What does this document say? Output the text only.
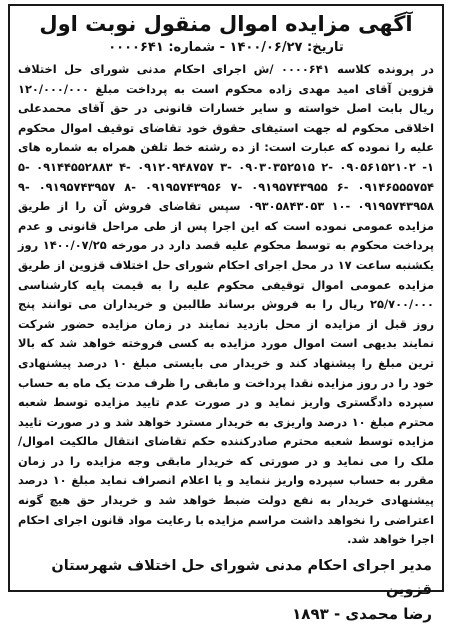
آگهی مزایده اموال منقول نوبت اول

تاریخ: ۱۴۰۰/۰۶/۲۷ - شماره: ۰۰۰۰۶۴۱

در پرونده کلاسه ۰۰۰۰۶۴۱ /ش اجرای احکام مدنی شورای حل اختلاف قزوین آقای امید مهدی زاده محکوم است به پرداخت مبلغ ۱۲۰/۰۰۰/۰۰۰ ریال بابت اصل خواسته و سایر خسارات قانونی در حق آقای محمدعلی اخلاقی محکوم له جهت استیفای حقوق خود تقاضای توقیف اموال محکوم علیه را نموده که عبارت است: از ده رشته خط تلفن همراه به شماره های ۱- ۰۹۰۵۶۱۵۲۱۰۲ -۲ ۰۹۰۳۰۳۵۲۵۱۵ -۳ ۰۹۱۲۰۹۴۸۷۵۷ -۴ ۰۹۱۴۴۵۵۲۸۸۳ -۵ ۰۹۱۴۶۵۵۵۷۵۴ -۶ ۰۹۱۹۵۷۴۳۹۵۵ -۷ ۰۹۱۹۵۷۴۳۹۵۶ -۸ ۰۹۱۹۵۷۴۳۹۵۷ -۹ ۰۹۱۹۵۷۴۳۹۵۸ -۱۰ ۰۹۳۰۵۸۴۳۰۵۳ سپس تقاضای فروش آن را از طریق مزایده عمومی نموده است که این اجرا پس از طی مراحل قانونی و عدم پرداخت محکوم به توسط محکوم علیه قصد دارد در مورخه ۱۴۰۰/۰۷/۲۵ روز یکشنبه ساعت ۱۷ در محل اجرای احکام شورای حل اختلاف قزوین از طریق مزایده عمومی اموال توقیفی محکوم علیه را به قیمت پایه کارشناسی ۲۵/۷۰۰/۰۰۰ ریال را به فروش برساند طالبین و خریداران می توانند پنج روز قبل از مزایده از محل بازدید نمایند در زمان مزایده حضور شرکت نمایند بدیهی است اموال مورد مزایده به کسی فروخته خواهد شد که بالا ترین مبلغ را پیشنهاد کند و خریدار می بایستی مبلغ ۱۰ درصد پیشنهادی خود را در روز مزایده نقدا پرداخت و مابقی را ظرف مدت یک ماه به حساب سپرده دادگستری واریز نماید و در صورت عدم تایید مزایده توسط شعبه محترم مبلغ ۱۰ درصد واریزی به خریدار مسترد خواهد شد و در صورت تایید مزایده توسط شعبه محترم صادرکننده حکم تقاضای انتقال مالکیت اموال/ملک را می نماید و در صورتی که خریدار مابقی وجه مزایده را در زمان مقرر به حساب سپرده واریز ننماید و یا اعلام انصراف نماید مبلغ ۱۰ درصد پیشنهادی خریدار به نفع دولت ضبط خواهد شد و خریدار حق هیچ گونه اعتراضی را نخواهد داشت مراسم مزایده با رعایت مواد قانون اجرای احکام اجرا خواهد شد.

مدیر اجرای احکام مدنی شورای حل اختلاف شهرستان قزوین
رضا محمدی - ۱۸۹۳
